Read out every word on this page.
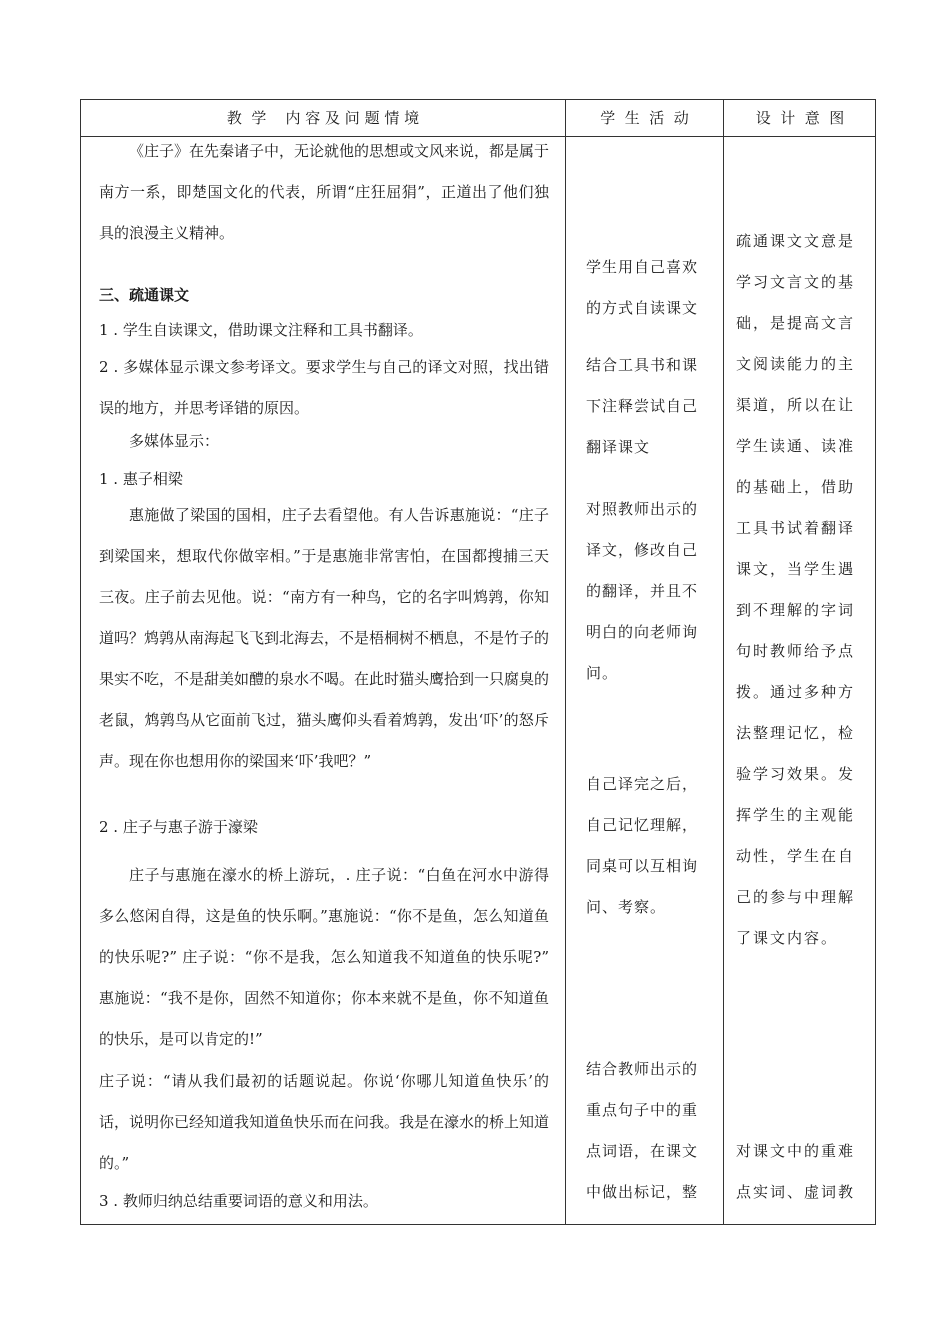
教  学    内 容 及 问 题 情 境	学  生  活  动	设  计  意  图
《庄子》在先秦诸子中，无论就他的思想或文风来说，都是属于南方一系，即楚国文化的代表，所谓“庄狂屈狷”，正道出了他们独具的浪漫主义精神。
三、疏通课文
1 . 学生自读课文，借助课文注释和工具书翻译。
2 . 多媒体显示课文参考译文。要求学生与自己的译文对照，找出错误的地方，并思考译错的原因。
多媒体显示：
1 . 惠子相梁
惠施做了梁国的国相，庄子去看望他。有人告诉惠施说：“庄子到梁国来，想取代你做宰相。”于是惠施非常害怕，在国都搜捕三天三夜。庄子前去见他。说：“南方有一种鸟，它的名字叫鸩鹑，你知道吗？鸩鹑从南海起飞飞到北海去，不是梧桐树不栖息，不是竹子的果实不吃，不是甜美如醴的泉水不喝。在此时猫头鹰拾到一只腐臭的老鼠，鸩鹑鸟从它面前飞过，猫头鹰仰头看着鸩鹑，发出‘吓’的怒斥声。现在你也想用你的梁国来‘吓’我吧？”
2 . 庄子与惠子游于濠梁
庄子与惠施在濠水的桥上游玩，. 庄子说：“白鱼在河水中游得多么悠闲自得，这是鱼的快乐啊。”惠施说：“你不是鱼，怎么知道鱼的快乐呢?” 庄子说：“你不是我，怎么知道我不知道鱼的快乐呢?” 惠施说：“我不是你，固然不知道你；你本来就不是鱼，你不知道鱼的快乐，是可以肯定的!”
庄子说：“请从我们最初的话题说起。你说‘你哪儿知道鱼快乐’的话，说明你已经知道我知道鱼快乐而在问我。我是在濠水的桥上知道的。”
3 . 教师归纳总结重要词语的意义和用法。
学生用自己喜欢的方式自读课文
结合工具书和课下注释尝试自己翻译课文
对照教师出示的译文，修改自己的翻译，并且不明白的向老师询问。
自己译完之后，自己记忆理解，同桌可以互相询问、考察。
结合教师出示的重点句子中的重点词语，在课文中做出标记，整
疏通课文文意是学习文言文的基础，是提高文言文阅读能力的主渠道，所以在让学生读通、读准的基础上，借助工具书试着翻译课文，当学生遇到不理解的字词句时教师给予点拨。通过多种方法整理记忆，检验学习效果。发挥学生的主观能动性，学生在自己的参与中理解了课文内容。
对课文中的重难点实词、虚词教
